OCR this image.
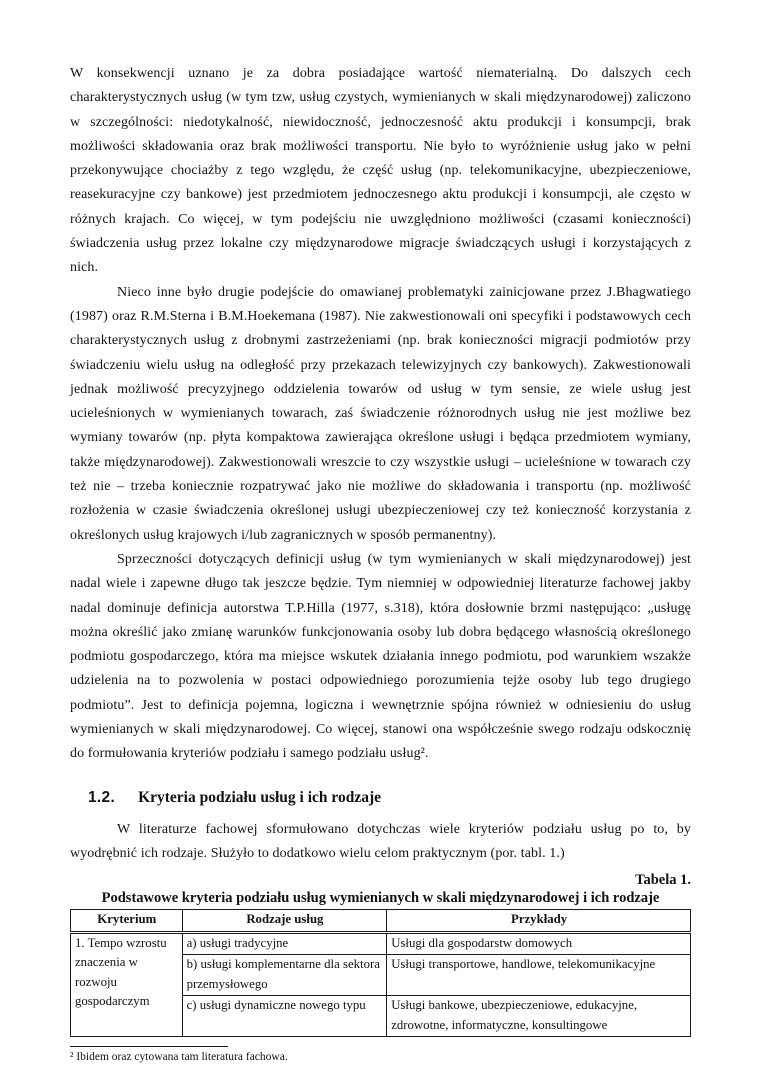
W konsekwencji uznano je za dobra posiadające wartość niematerialną. Do dalszych cech charakterystycznych usług (w tym tzw, usług czystych, wymienianych w skali międzynarodowej) zaliczono w szczególności: niedotykalność, niewidoczność, jednoczesność aktu produkcji i konsumpcji, brak możliwości składowania oraz brak możliwości transportu. Nie było to wyróżnienie usług jako w pełni przekonywujące chociażby z tego względu, że część usług (np. telekomunikacyjne, ubezpieczeniowe, reasekuracyjne czy bankowe) jest przedmiotem jednoczesnego aktu produkcji i konsumpcji, ale często w różnych krajach. Co więcej, w tym podejściu nie uwzględniono możliwości (czasami konieczności) świadczenia usług przez lokalne czy międzynarodowe migracje świadczących usługi i korzystających z nich.

Nieco inne było drugie podejście do omawianej problematyki zainicjowane przez J.Bhagwatiego (1987) oraz R.M.Sterna i B.M.Hoekemana (1987). Nie zakwestionowali oni specyfiki i podstawowych cech charakterystycznych usług z drobnymi zastrzeżeniami (np. brak konieczności migracji podmiotów przy świadczeniu wielu usług na odległość przy przekazach telewizyjnych czy bankowych). Zakwestionowali jednak możliwość precyzyjnego oddzielenia towarów od usług w tym sensie, ze wiele usług jest ucieleśnionych w wymienianych towarach, zaś świadczenie różnorodnych usług nie jest możliwe bez wymiany towarów (np. płyta kompaktowa zawierająca określone usługi i będąca przedmiotem wymiany, także międzynarodowej). Zakwestionowali wreszcie to czy wszystkie usługi – ucieleśnione w towarach czy też nie – trzeba koniecznie rozpatrywać jako nie możliwe do składowania i transportu (np. możliwość rozłożenia w czasie świadczenia określonej usługi ubezpieczeniowej czy też konieczność korzystania z określonych usług krajowych i/lub zagranicznych w sposób permanentny).

Sprzeczności dotyczących definicji usług (w tym wymienianych w skali międzynarodowej) jest nadal wiele i zapewne długo tak jeszcze będzie. Tym niemniej w odpowiedniej literaturze fachowej jakby nadal dominuje definicja autorstwa T.P.Hilla (1977, s.318), która dosłownie brzmi następująco: „usługę można określić jako zmianę warunków funkcjonowania osoby lub dobra będącego własnością określonego podmiotu gospodarczego, która ma miejsce wskutek działania innego podmiotu, pod warunkiem wszakże udzielenia na to pozwolenia w postaci odpowiedniego porozumienia tejże osoby lub tego drugiego podmiotu”. Jest to definicja pojemna, logiczna i wewnętrznie spójna również w odniesieniu do usług wymienianych w skali międzynarodowej. Co więcej, stanowi ona współcześnie swego rodzaju odskocznię do formułowania kryteriów podziału i samego podziału usług².

1.2. Kryteria podziału usług i ich rodzaje

W literaturze fachowej sformułowano dotychczas wiele kryteriów podziału usług po to, by wyodrębnić ich rodzaje. Służyło to dodatkowo wielu celom praktycznym (por. tabl. 1.)

Tabela 1.
Podstawowe kryteria podziału usług wymienianych w skali międzynarodowej i ich rodzaje
Kryterium	Rodzaje usług	Przykłady
1. Tempo wzrostu znaczenia w rozwoju gospodarczym	a) usługi tradycyjne	Usługi dla gospodarstw domowych
	b) usługi komplementarne dla sektora przemysłowego	Usługi transportowe, handlowe, telekomunikacyjne
	c) usługi dynamiczne nowego typu	Usługi bankowe, ubezpieczeniowe, edukacyjne, zdrowotne, informatyczne, konsultingowe
² Ibidem oraz cytowana tam literatura fachowa.
